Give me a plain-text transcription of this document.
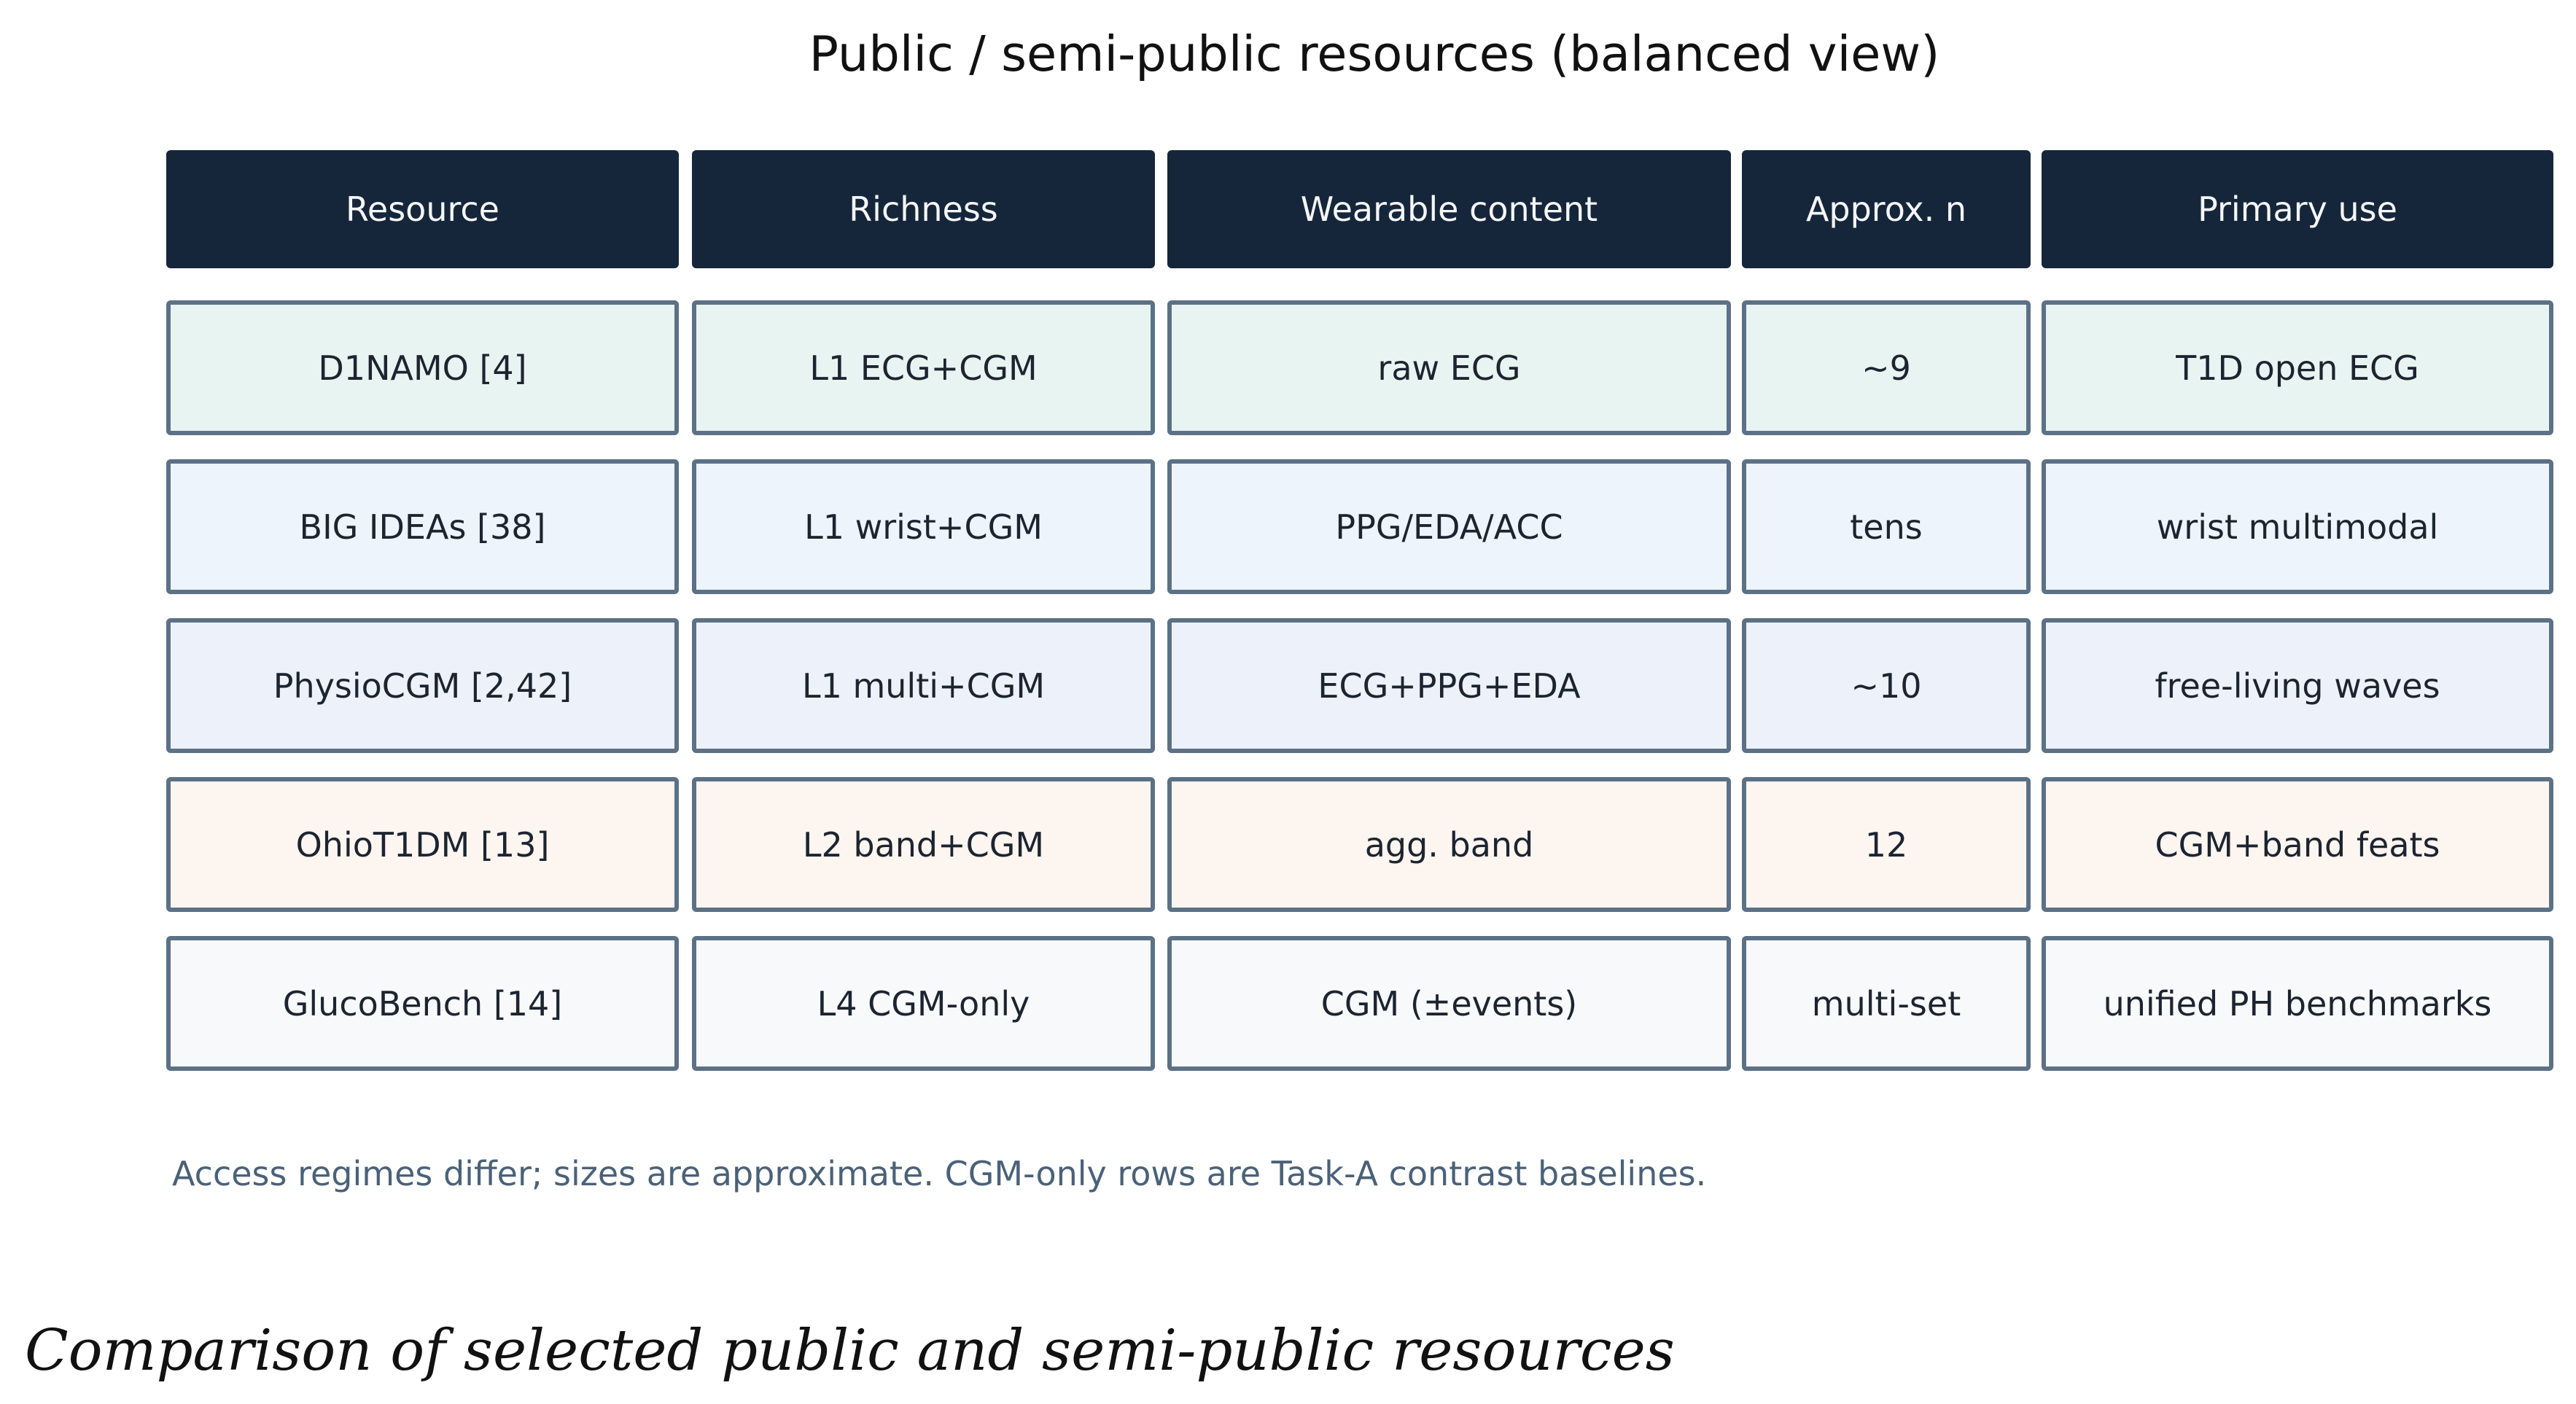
Public / semi-public resources (balanced view)
Resource	Richness	Wearable content	Approx. n	Primary use
D1NAMO [4]	L1 ECG+CGM	raw ECG	~9	T1D open ECG
BIG IDEAs [38]	L1 wrist+CGM	PPG/EDA/ACC	tens	wrist multimodal
PhysioCGM [2,42]	L1 multi+CGM	ECG+PPG+EDA	~10	free-living waves
OhioT1DM [13]	L2 band+CGM	agg. band	12	CGM+band feats
GlucoBench [14]	L4 CGM-only	CGM (±events)	multi-set	unified PH benchmarks
Access regimes differ; sizes are approximate. CGM-only rows are Task-A contrast baselines.
Comparison of selected public and semi-public resources
